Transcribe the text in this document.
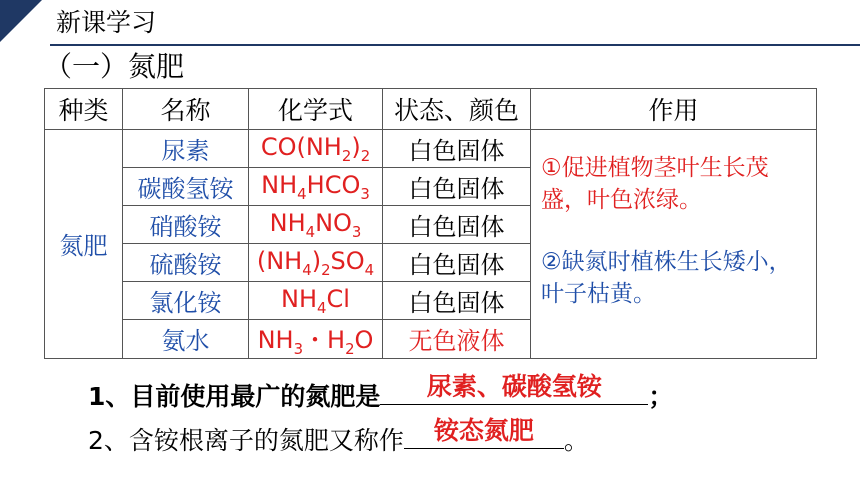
新课学习
（一）氮肥
种类	名称	化学式	状态、颜色	作用
氮肥	尿素	$CO(NH_2)_2$	白色固体	①促进植物茎叶生长茂盛，叶色浓绿。
②缺氮时植株生长矮小，叶子枯黄。

	碳酸氢铵	$NH_4HCO_3$	白色固体	
	硝酸铵	$NH_4NO_3$	白色固体	
	硫酸铵	$(NH_4)_2SO_4$	白色固体	
	氯化铵	$NH_4Cl$	白色固体	
	氨水	$NH_3$・$H_2O$	无色液体	
1、目前使用最广的氮肥是	尿素、碳酸氢铵	；
2、含铵根离子的氮肥又称作	铵态氮肥	。
